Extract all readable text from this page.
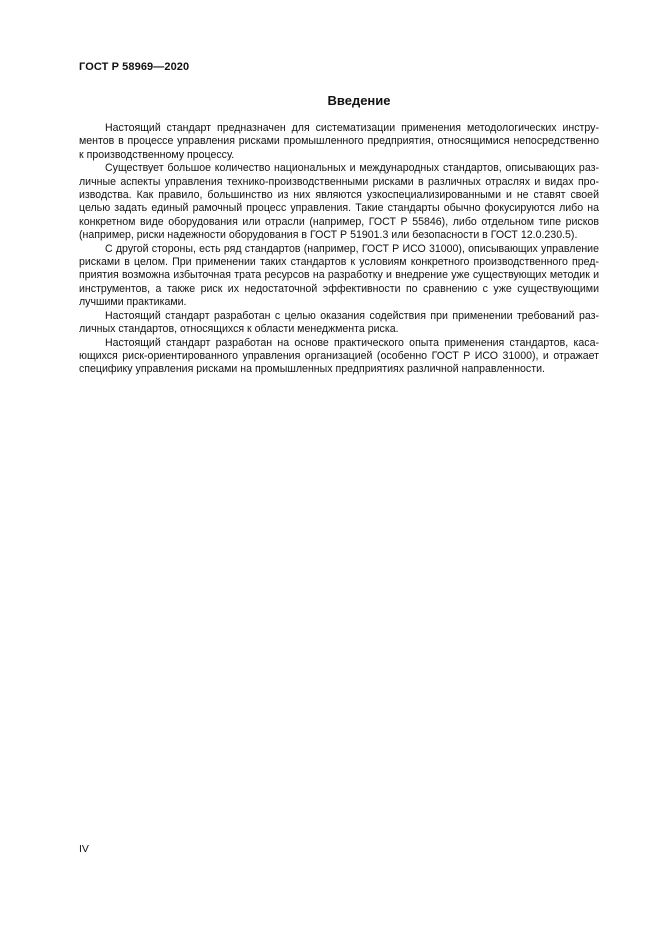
ГОСТ Р 58969—2020
Введение

Настоящий стандарт предназначен для систематизации применения методологических инструментов в процессе управления рисками промышленного предприятия, относящимися непосредственно к производственному процессу.

Существует большое количество национальных и международных стандартов, описывающих различные аспекты управления технико-производственными рисками в различных отраслях и видах производства. Как правило, большинство из них являются узкоспециализированными и не ставят своей целью задать единый рамочный процесс управления. Такие стандарты обычно фокусируются либо на конкретном виде оборудования или отрасли (например, ГОСТ Р 55846), либо отдельном типе рисков (например, риски надежности оборудования в ГОСТ Р 51901.3 или безопасности в ГОСТ 12.0.230.5).

С другой стороны, есть ряд стандартов (например, ГОСТ Р ИСО 31000), описывающих управление рисками в целом. При применении таких стандартов к условиям конкретного производственного предприятия возможна избыточная трата ресурсов на разработку и внедрение уже существующих методик и инструментов, а также риск их недостаточной эффективности по сравнению с уже существующими лучшими практиками.

Настоящий стандарт разработан с целью оказания содействия при применении требований различных стандартов, относящихся к области менеджмента риска.

Настоящий стандарт разработан на основе практического опыта применения стандартов, касающихся риск-ориентированного управления организацией (особенно ГОСТ Р ИСО 31000), и отражает специфику управления рисками на промышленных предприятиях различной направленности.

IV
